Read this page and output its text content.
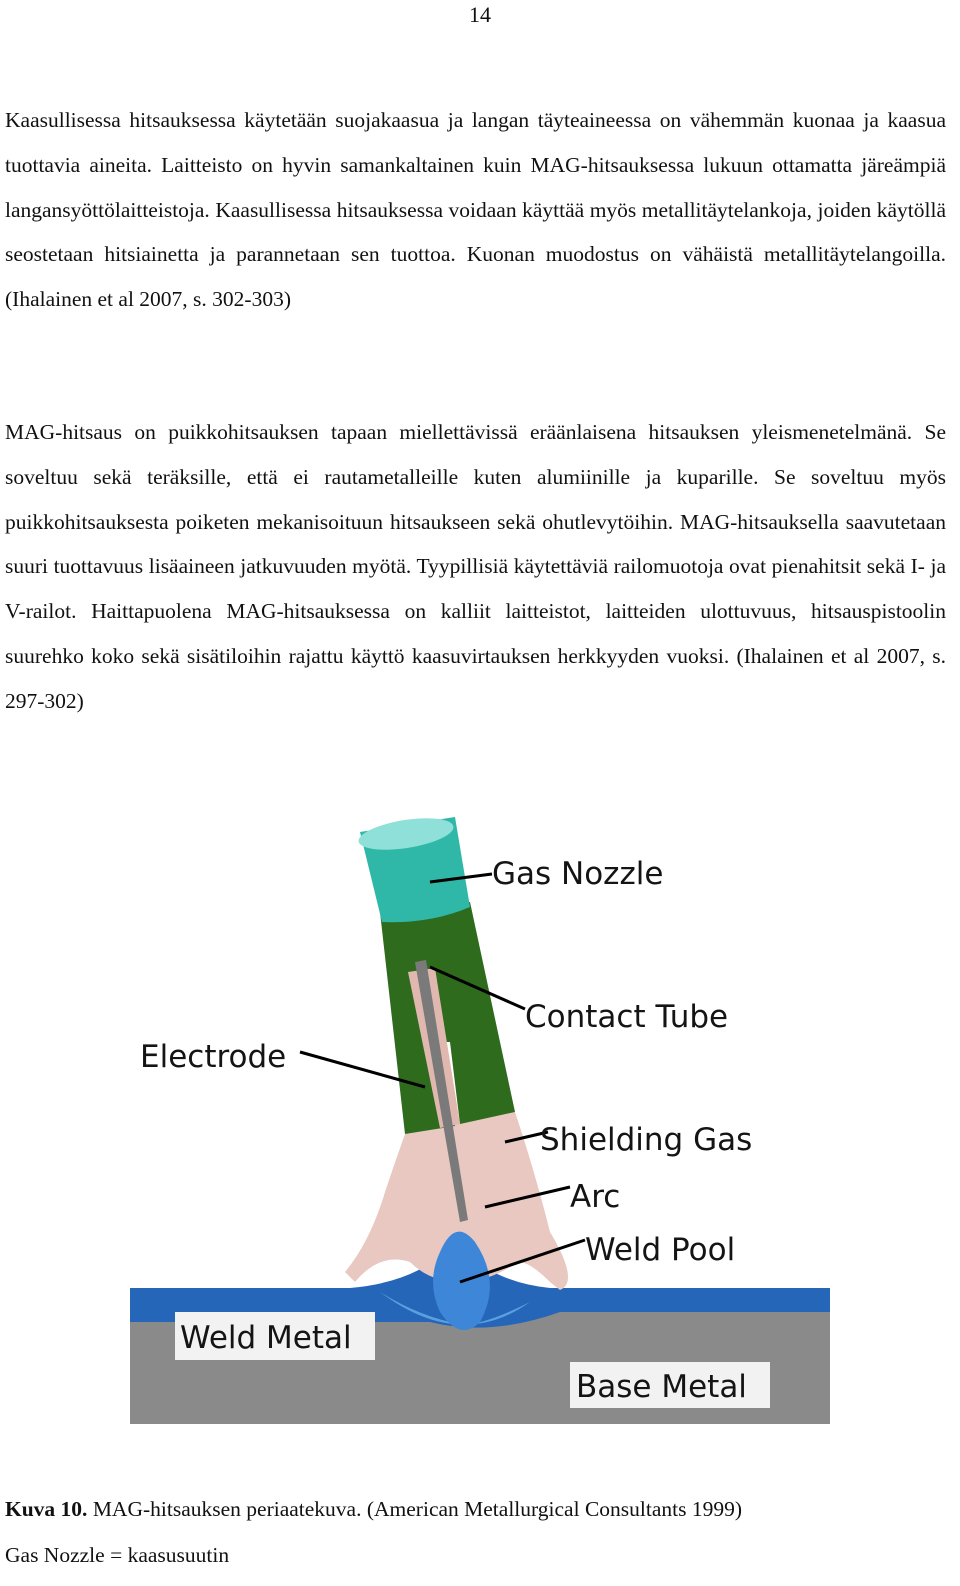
14

Kaasullisessa hitsauksessa käytetään suojakaasua ja langan täyteaineessa on vähemmän kuonaa ja kaasua tuottavia aineita. Laitteisto on hyvin samankaltainen kuin MAG-hitsauksessa lukuun ottamatta järeämpiä langansyöttölaitteistoja. Kaasullisessa hitsauksessa voidaan käyttää myös metallitäytelankoja, joiden käytöllä seostetaan hitsiainetta ja parannetaan sen tuottoa. Kuonan muodostus on vähäistä metallitäytelangoilla. (Ihalainen et al 2007, s. 302-303)

MAG-hitsaus on puikkohitsauksen tapaan miellettävissä eräänlaisena hitsauksen yleismenetelmänä. Se soveltuu sekä teräksille, että ei rautametalleille kuten alumiinille ja kuparille. Se soveltuu myös puikkohitsauksesta poiketen mekanisoituun hitsaukseen sekä ohutlevytöihin. MAG-hitsauksella saavutetaan suuri tuottavuus lisäaineen jatkuvuuden myötä. Tyypillisiä käytettäviä railomuotoja ovat pienahitsit sekä I- ja V-railot. Haittapuolena MAG-hitsauksessa on kalliit laitteistot, laitteiden ulottuvuus, hitsauspistoolin suurehko koko sekä sisätiloihin rajattu käyttö kaasuvirtauksen herkkyyden vuoksi. (Ihalainen et al 2007, s. 297-302)

Gas Nozzle
Contact Tube
Electrode
Shielding Gas
Arc
Weld Pool
Weld Metal
Base Metal
Kuva 10. MAG-hitsauksen periaatekuva. (American Metallurgical Consultants 1999)
Gas Nozzle = kaasusuutin
